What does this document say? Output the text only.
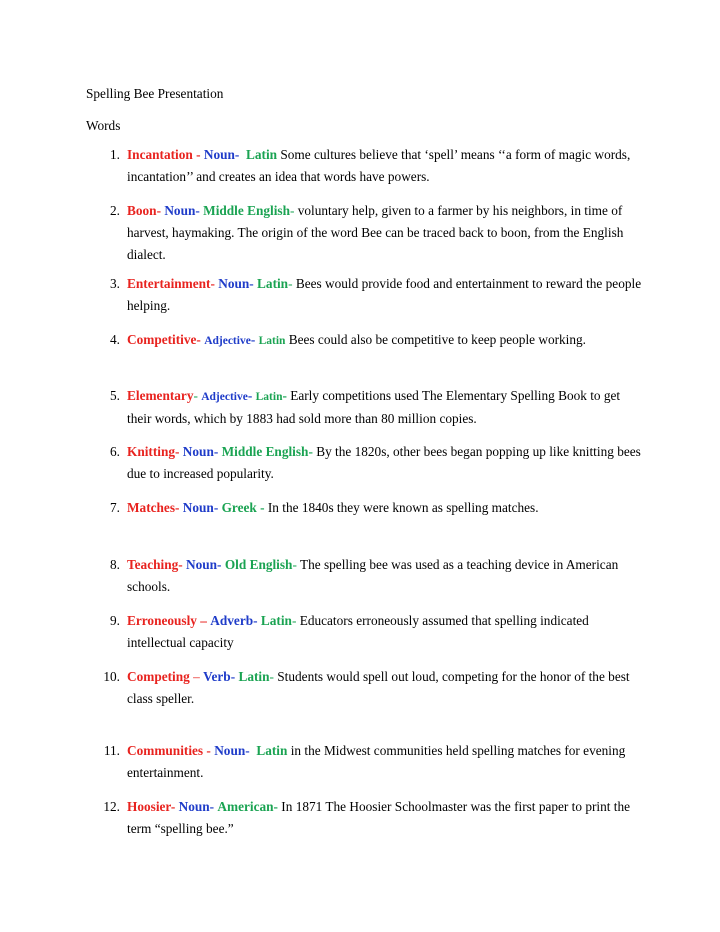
Spelling Bee Presentation

Words

1. Incantation - Noun- Latin Some cultures believe that ‘spell’ means ‘‘a form of magic words, incantation’’ and creates an idea that words have powers.
2. Boon- Noun- Middle English- voluntary help, given to a farmer by his neighbors, in time of harvest, haymaking. The origin of the word Bee can be traced back to boon, from the English dialect.
3. Entertainment- Noun- Latin- Bees would provide food and entertainment to reward the people helping.
4. Competitive- Adjective- Latin Bees could also be competitive to keep people working.
5. Elementary- Adjective- Latin- Early competitions used The Elementary Spelling Book to get their words, which by 1883 had sold more than 80 million copies.
6. Knitting- Noun- Middle English- By the 1820s, other bees began popping up like knitting bees due to increased popularity.
7. Matches- Noun- Greek - In the 1840s they were known as spelling matches.
8. Teaching- Noun- Old English- The spelling bee was used as a teaching device in American schools.
9. Erroneously – Adverb- Latin- Educators erroneously assumed that spelling indicated intellectual capacity
10. Competing – Verb- Latin- Students would spell out loud, competing for the honor of the best class speller.
11. Communities - Noun- Latin in the Midwest communities held spelling matches for evening entertainment.
12. Hoosier- Noun- American- In 1871 The Hoosier Schoolmaster was the first paper to print the term “spelling bee.”
